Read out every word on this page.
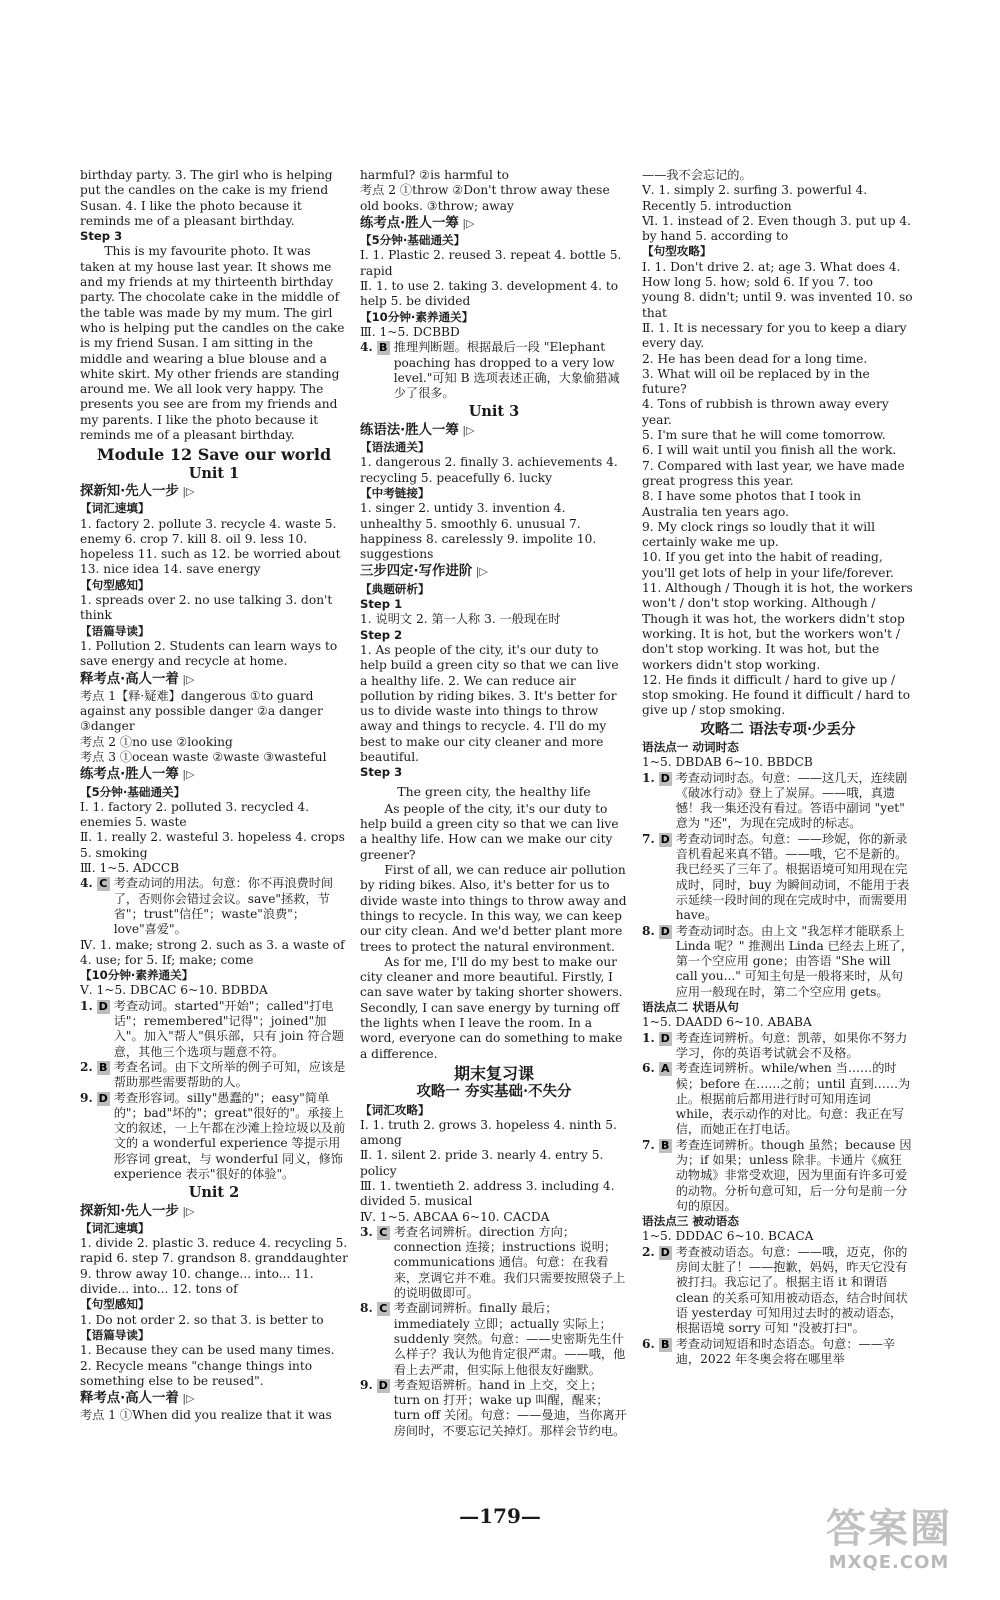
birthday party. 3. The girl who is helping put the candles on the cake is my friend Susan. 4. I like the photo because it reminds me of a pleasant birthday.
Step 3
This is my favourite photo. It was taken at my house last year. It shows me and my friends at my thirteenth birthday party. The chocolate cake in the middle of the table was made by my mum. The girl who is helping put the candles on the cake is my friend Susan. I am sitting in the middle and wearing a blue blouse and a white skirt. My other friends are standing around me. We all look very happy. The presents you see are from my friends and my parents. I like the photo because it reminds me of a pleasant birthday.
Module 12 Save our world
Unit 1
探新知·先人一步 |▷
【词汇速填】
1. factory 2. pollute 3. recycle 4. waste 5. enemy 6. crop 7. kill 8. oil 9. less 10. hopeless 11. such as 12. be worried about 13. nice idea 14. save energy
【句型感知】
1. spreads over 2. no use talking 3. don't think
【语篇导读】
1. Pollution 2. Students can learn ways to save energy and recycle at home.
释考点·高人一着 |▷
考点 1【释·疑难】dangerous ①to guard against any possible danger ②a danger ③danger
考点 2 ①no use ②looking
考点 3 ①ocean waste ②waste ③wasteful
练考点·胜人一筹 |▷
【5分钟·基础通关】
Ⅰ. 1. factory 2. polluted 3. recycled 4. enemies 5. waste
Ⅱ. 1. really 2. wasteful 3. hopeless 4. crops 5. smoking
Ⅲ. 1~5. ADCCB
4. C 考查动词的用法。句意：你不再浪费时间了，否则你会错过会议。save"拯救，节省"；trust"信任"；waste"浪费"；love"喜爱"。
Ⅳ. 1. make; strong 2. such as 3. a waste of 4. use; for 5. If; make; come
【10分钟·素养通关】
Ⅴ. 1~5. DBCAC 6~10. BDBDA
1. D 考查动词。started"开始"；called"打电话"；remembered"记得"；joined"加入"。加入"帮人"俱乐部，只有 join 符合题意，其他三个选项与题意不符。
2. B 考查名词。由下文所举的例子可知，应该是帮助那些需要帮助的人。
9. D 考查形容词。silly"愚蠢的"；easy"简单的"；bad"坏的"；great"很好的"。承接上文的叙述，一上午都在沙滩上捡垃圾以及前文的 a wonderful experience 等提示用形容词 great，与 wonderful 同义，修饰 experience 表示"很好的体验"。
Unit 2
探新知·先人一步 |▷
【词汇速填】
1. divide 2. plastic 3. reduce 4. recycling 5. rapid 6. step 7. grandson 8. granddaughter 9. throw away 10. change... into... 11. divide... into... 12. tons of
【句型感知】
1. Do not order 2. so that 3. is better to
【语篇导读】
1. Because they can be used many times.
2. Recycle means "change things into something else to be reused".
释考点·高人一着 |▷
考点 1 ①When did you realize that it was
harmful? ②is harmful to
考点 2 ①throw ②Don't throw away these old books. ③throw; away
练考点·胜人一筹 |▷
【5分钟·基础通关】
Ⅰ. 1. Plastic 2. reused 3. repeat 4. bottle 5. rapid
Ⅱ. 1. to use 2. taking 3. development 4. to help 5. be divided
【10分钟·素养通关】
Ⅲ. 1~5. DCBBD
4. B 推理判断题。根据最后一段 "Elephant poaching has dropped to a very low level."可知 B 选项表述正确，大象偷猎减少了很多。
Unit 3
练语法·胜人一筹 |▷
【语法通关】
1. dangerous 2. finally 3. achievements 4. recycling 5. peacefully 6. lucky
【中考链接】
1. singer 2. untidy 3. invention 4. unhealthy 5. smoothly 6. unusual 7. happiness 8. carelessly 9. impolite 10. suggestions
三步四定·写作进阶 |▷
【典题研析】
Step 1
1. 说明文 2. 第一人称 3. 一般现在时
Step 2
1. As people of the city, it's our duty to help build a green city so that we can live a healthy life. 2. We can reduce air pollution by riding bikes. 3. It's better for us to divide waste into things to throw away and things to recycle. 4. I'll do my best to make our city cleaner and more beautiful.
Step 3
The green city, the healthy life
As people of the city, it's our duty to help build a green city so that we can live a healthy life. How can we make our city greener?
First of all, we can reduce air pollution by riding bikes. Also, it's better for us to divide waste into things to throw away and things to recycle. In this way, we can keep our city clean. And we'd better plant more trees to protect the natural environment.
As for me, I'll do my best to make our city cleaner and more beautiful. Firstly, I can save water by taking shorter showers. Secondly, I can save energy by turning off the lights when I leave the room. In a word, everyone can do something to make a difference.
期末复习课
攻略一 夯实基础·不失分
【词汇攻略】
Ⅰ. 1. truth 2. grows 3. hopeless 4. ninth 5. among
Ⅱ. 1. silent 2. pride 3. nearly 4. entry 5. policy
Ⅲ. 1. twentieth 2. address 3. including 4. divided 5. musical
Ⅳ. 1~5. ABCAA 6~10. CACDA
3. C 考查名词辨析。direction 方向；connection 连接；instructions 说明；communications 通信。句意：在我看来，烹调它并不难。我们只需要按照袋子上的说明做即可。
8. C 考查副词辨析。finally 最后；immediately 立即；actually 实际上；suddenly 突然。句意：——史密斯先生什么样子？我认为他肯定很严肃。——哦，他看上去严肃，但实际上他很友好幽默。
9. D 考查短语辨析。hand in 上交，交上；turn on 打开；wake up 叫醒，醒来；turn off 关闭。句意：——曼迪，当你离开房间时，不要忘记关掉灯。那样会节约电。
——我不会忘记的。
Ⅴ. 1. simply 2. surfing 3. powerful 4. Recently 5. introduction
Ⅵ. 1. instead of 2. Even though 3. put up 4. by hand 5. according to
【句型攻略】
Ⅰ. 1. Don't drive 2. at; age 3. What does 4. How long 5. how; sold 6. If you 7. too young 8. didn't; until 9. was invented 10. so that
Ⅱ. 1. It is necessary for you to keep a diary every day.
2. He has been dead for a long time.
3. What will oil be replaced by in the future?
4. Tons of rubbish is thrown away every year.
5. I'm sure that he will come tomorrow.
6. I will wait until you finish all the work.
7. Compared with last year, we have made great progress this year.
8. I have some photos that I took in Australia ten years ago.
9. My clock rings so loudly that it will certainly wake me up.
10. If you get into the habit of reading, you'll get lots of help in your life/forever.
11. Although / Though it is hot, the workers won't / don't stop working. Although / Though it was hot, the workers didn't stop working. It is hot, but the workers won't / don't stop working. It was hot, but the workers didn't stop working.
12. He finds it difficult / hard to give up / stop smoking. He found it difficult / hard to give up / stop smoking.
攻略二 语法专项·少丢分
语法点一 动词时态
1~5. DBDAB 6~10. BBDCB
1. D 考查动词时态。句意：——这几天，连续剧《破冰行动》登上了炭屏。——哦，真遗憾！我一集还没有看过。答语中副词 "yet" 意为 "还"，为现在完成时的标志。
7. D 考查动词时态。句意：——珍妮，你的新录音机看起来真不错。——哦，它不是新的。我已经买了三年了。根据语境可知用现在完成时，同时，buy 为瞬间动词，不能用于表示延续一段时间的现在完成时中，而需要用 have。
8. D 考查动词时态。由上文 "我怎样才能联系上 Linda 呢？" 推测出 Linda 已经去上班了，第一个空应用 gone；由答语 "She will call you..." 可知主句是一般将来时，从句应用一般现在时，第二个空应用 gets。
语法点二 状语从句
1~5. DAADD 6~10. ABABA
1. D 考查连词辨析。句意：凯蒂，如果你不努力学习，你的英语考试就会不及格。
6. A 考查连词辨析。while/when 当……的时候；before 在……之前；until 直到……为止。根据前后都用进行时可知用连词 while，表示动作的对比。句意：我正在写信，而她正在打电话。
7. B 考查连词辨析。though 虽然；because 因为；if 如果；unless 除非。卡通片《疯狂动物城》非常受欢迎，因为里面有许多可爱的动物。分析句意可知，后一分句是前一分句的原因。
语法点三 被动语态
1~5. DDDAC 6~10. BCACA
2. D 考查被动语态。句意：——哦，迈克，你的房间太脏了！——抱歉，妈妈，昨天它没有被打扫。我忘记了。根据主语 it 和谓语 clean 的关系可知用被动语态，结合时间状语 yesterday 可知用过去时的被动语态，根据语境 sorry 可知 "没被打扫"。
6. B 考查动词短语和时态语态。句意：——辛迪，2022 年冬奥会将在哪里举
—179—	答案圈
MXQE.COM
